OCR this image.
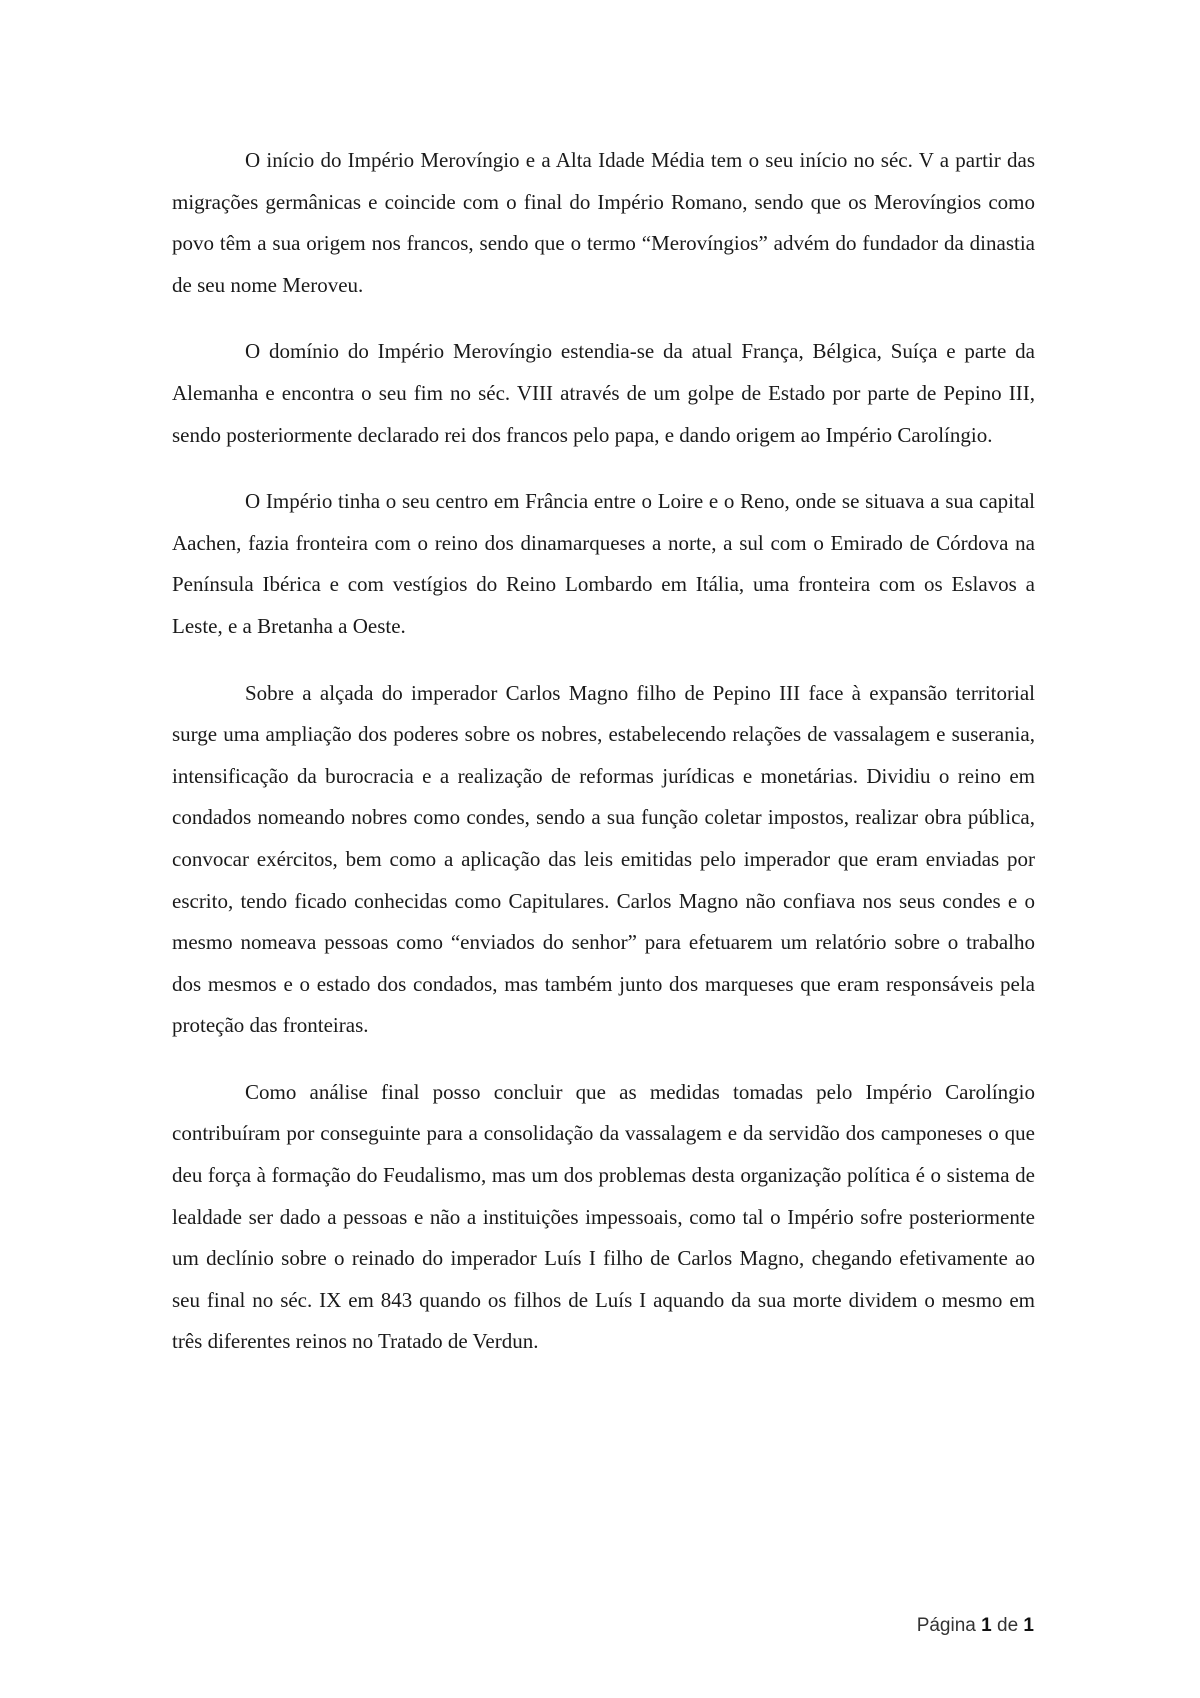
O início do Império Merovíngio e a Alta Idade Média tem o seu início no séc. V a partir das migrações germânicas e coincide com o final do Império Romano, sendo que os Merovíngios como povo têm a sua origem nos francos, sendo que o termo “Merovíngios” advém do fundador da dinastia de seu nome Meroveu.

O domínio do Império Merovíngio estendia-se da atual França, Bélgica, Suíça e parte da Alemanha e encontra o seu fim no séc. VIII através de um golpe de Estado por parte de Pepino III, sendo posteriormente declarado rei dos francos pelo papa, e dando origem ao Império Carolíngio.

O Império tinha o seu centro em Frância entre o Loire e o Reno, onde se situava a sua capital Aachen, fazia fronteira com o reino dos dinamarqueses a norte, a sul com o Emirado de Córdova na Península Ibérica e com vestígios do Reino Lombardo em Itália, uma fronteira com os Eslavos a Leste, e a Bretanha a Oeste.

Sobre a alçada do imperador Carlos Magno filho de Pepino III face à expansão territorial surge uma ampliação dos poderes sobre os nobres, estabelecendo relações de vassalagem e suserania, intensificação da burocracia e a realização de reformas jurídicas e monetárias. Dividiu o reino em condados nomeando nobres como condes, sendo a sua função coletar impostos, realizar obra pública, convocar exércitos, bem como a aplicação das leis emitidas pelo imperador que eram enviadas por escrito, tendo ficado conhecidas como Capitulares. Carlos Magno não confiava nos seus condes e o mesmo nomeava pessoas como “enviados do senhor” para efetuarem um relatório sobre o trabalho dos mesmos e o estado dos condados, mas também junto dos marqueses que eram responsáveis pela proteção das fronteiras.

Como análise final posso concluir que as medidas tomadas pelo Império Carolíngio contribuíram por conseguinte para a consolidação da vassalagem e da servidão dos camponeses o que deu força à formação do Feudalismo, mas um dos problemas desta organização política é o sistema de lealdade ser dado a pessoas e não a instituições impessoais, como tal o Império sofre posteriormente um declínio sobre o reinado do imperador Luís I filho de Carlos Magno, chegando efetivamente ao seu final no séc. IX em 843 quando os filhos de Luís I aquando da sua morte dividem o mesmo em três diferentes reinos no Tratado de Verdun.

Página 1 de 1
